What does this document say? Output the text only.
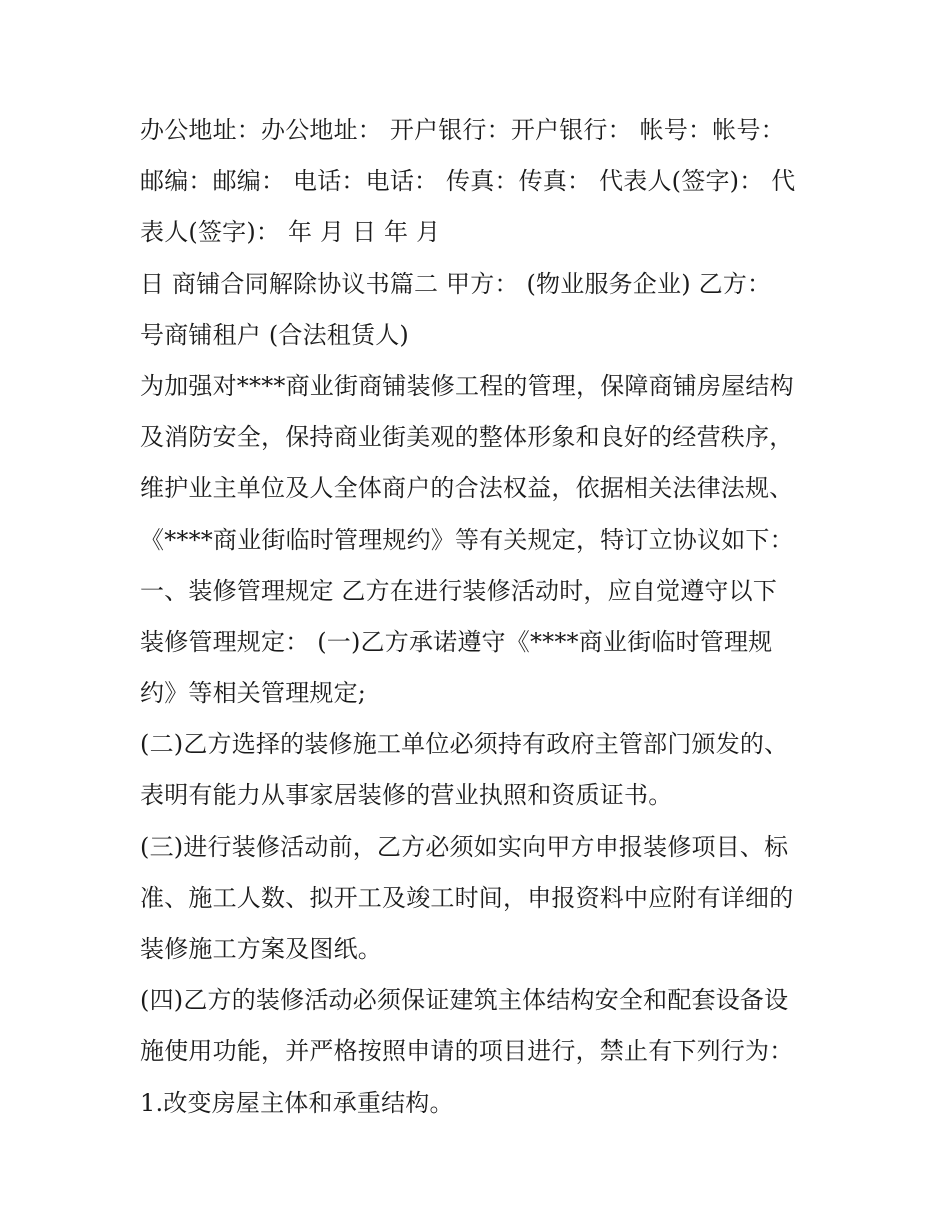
办公地址：办公地址： 开户银行：开户银行： 帐号：帐号：
邮编：邮编： 电话：电话： 传真：传真： 代表人(签字)： 代
表人(签字)： 年 月 日 年 月
日 商铺合同解除协议书篇二 甲方： (物业服务企业) 乙方：
号商铺租户 (合法租赁人)
为加强对****商业街商铺装修工程的管理，保障商铺房屋结构
及消防安全，保持商业街美观的整体形象和良好的经营秩序，
维护业主单位及人全体商户的合法权益，依据相关法律法规、
《****商业街临时管理规约》等有关规定，特订立协议如下：
一、装修管理规定 乙方在进行装修活动时，应自觉遵守以下
装修管理规定： (一)乙方承诺遵守《****商业街临时管理规
约》等相关管理规定;
(二)乙方选择的装修施工单位必须持有政府主管部门颁发的、
表明有能力从事家居装修的营业执照和资质证书。
(三)进行装修活动前，乙方必须如实向甲方申报装修项目、标
准、施工人数、拟开工及竣工时间，申报资料中应附有详细的
装修施工方案及图纸。
(四)乙方的装修活动必须保证建筑主体结构安全和配套设备设
施使用功能，并严格按照申请的项目进行，禁止有下列行为：
1.改变房屋主体和承重结构。
